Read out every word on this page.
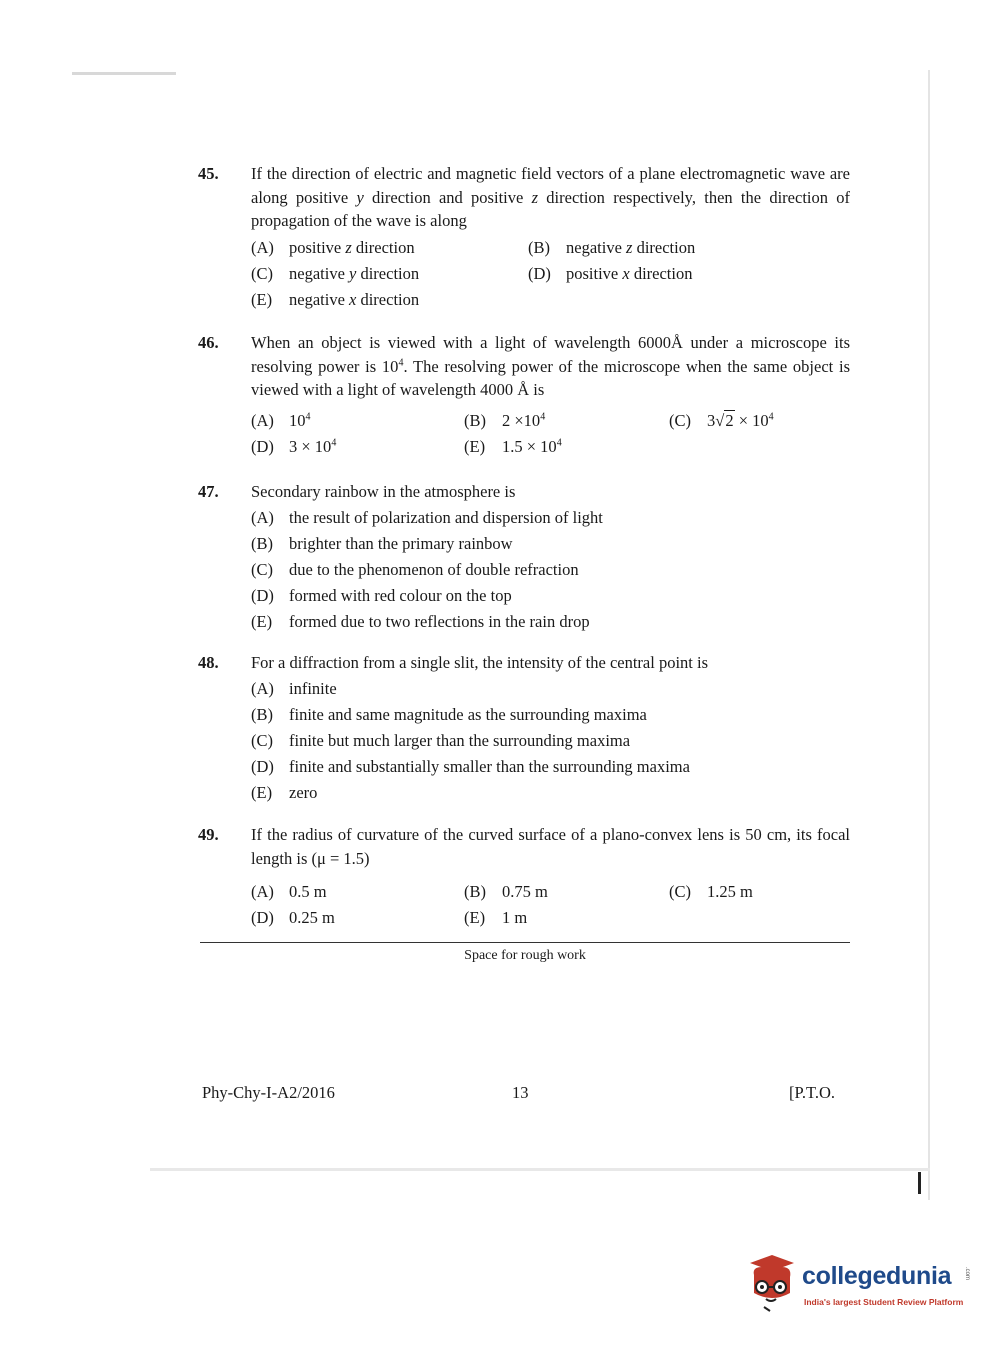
45. If the direction of electric and magnetic field vectors of a plane electromagnetic wave are along positive y direction and positive z direction respectively, then the direction of propagation of the wave is along
(A) positive z direction	(B) negative z direction
(C) negative y direction	(D) positive x direction
(E) negative x direction
46. When an object is viewed with a light of wavelength 6000Å under a microscope its resolving power is $10^4$. The resolving power of the microscope when the same object is viewed with a light of wavelength 4000 Å is
(A) $10^4$	(B) $2 \times 10^4$	(C) $3√2 \times 10^4$
(D) $3 \times 10^4$	(E) $1.5 \times 10^4$
47. Secondary rainbow in the atmosphere is
(A) the result of polarization and dispersion of light
(B) brighter than the primary rainbow
(C) due to the phenomenon of double refraction
(D) formed with red colour on the top
(E) formed due to two reflections in the rain drop
48. For a diffraction from a single slit, the intensity of the central point is
(A) infinite
(B) finite and same magnitude as the surrounding maxima
(C) finite but much larger than the surrounding maxima
(D) finite and substantially smaller than the surrounding maxima
(E) zero
49. If the radius of curvature of the curved surface of a plano-convex lens is 50 cm, its focal length is (μ = 1.5)
(A) 0.5 m	(B) 0.75 m	(C) 1.25 m
(D) 0.25 m	(E) 1 m
Space for rough work
Phy-Chy-I-A2/2016	13	[P.T.O.
collegedunia .com
India's largest Student Review Platform
